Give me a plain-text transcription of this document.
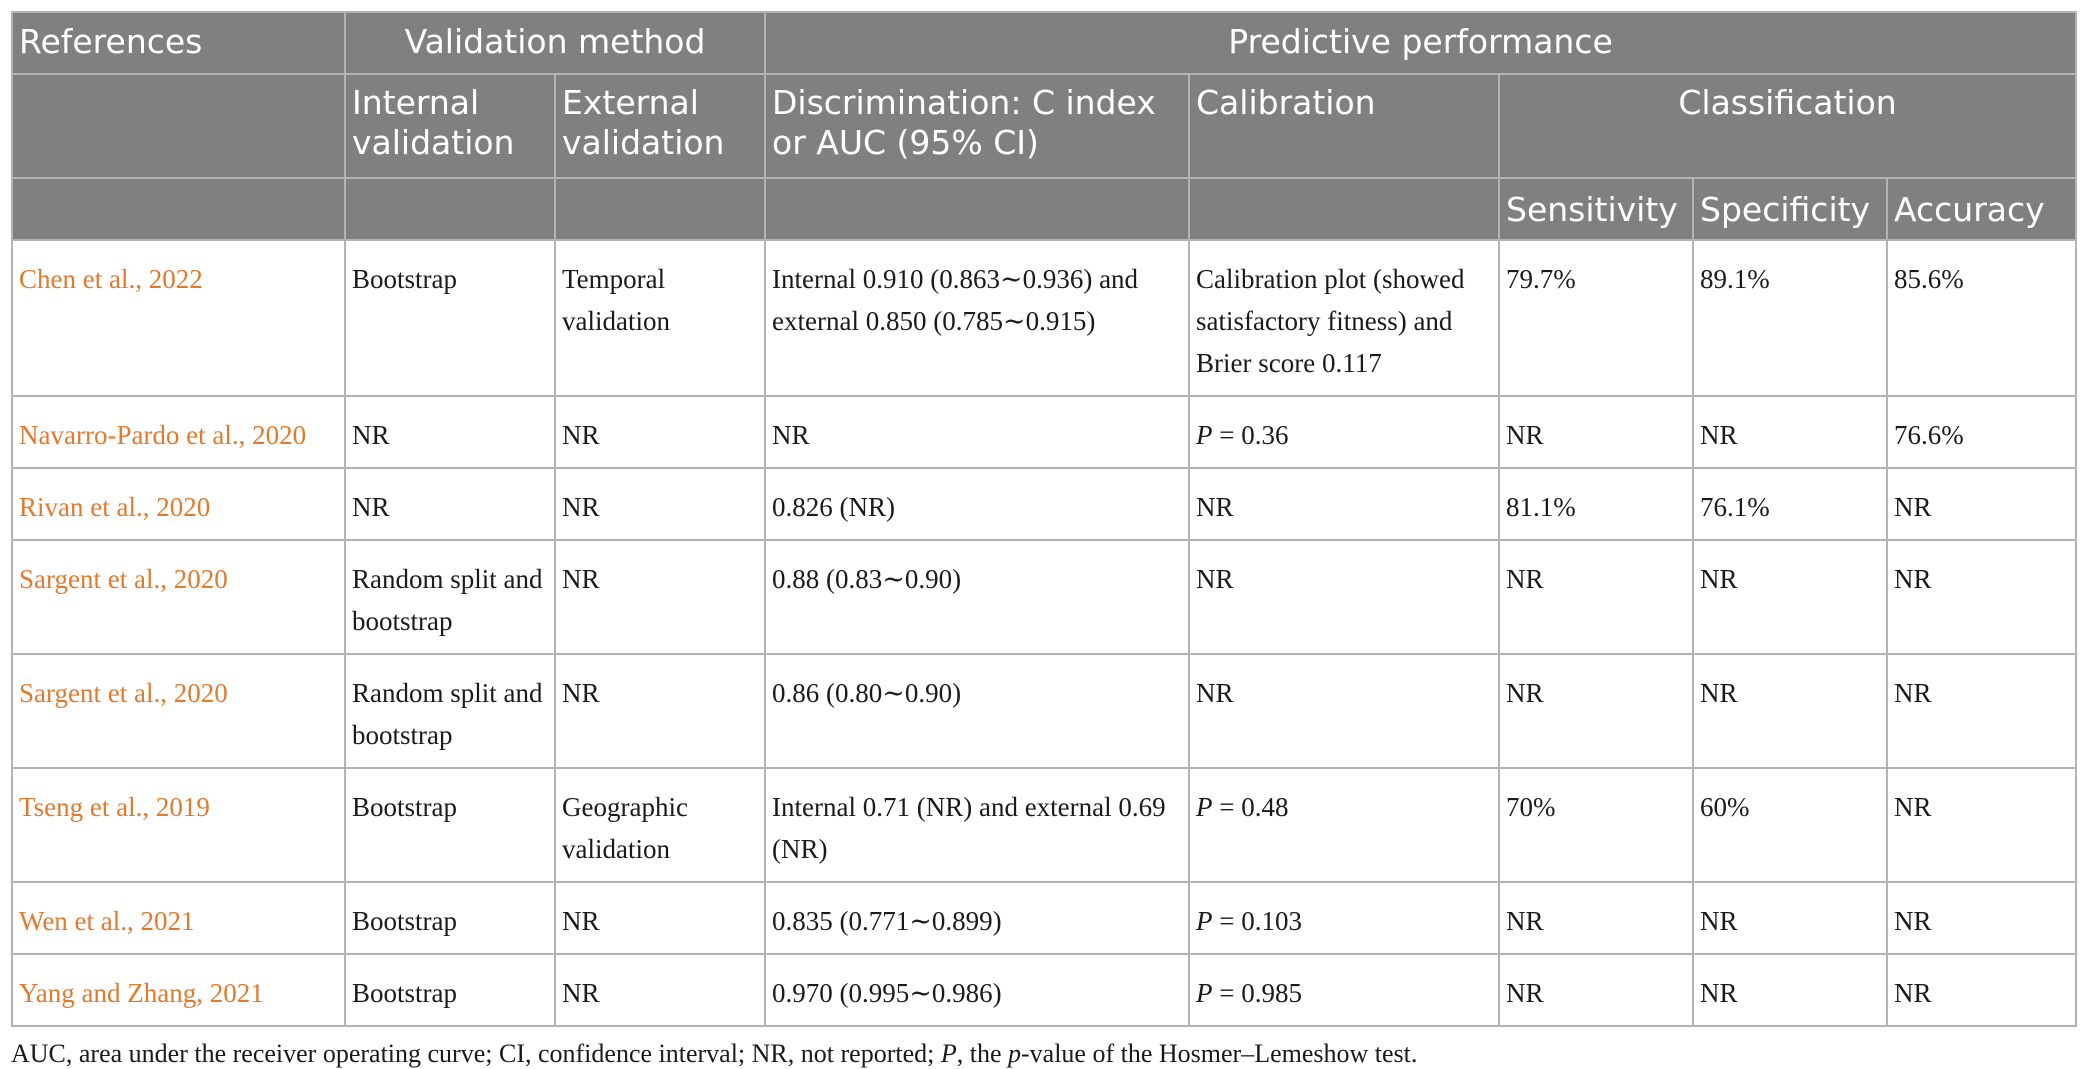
References	Validation method		Predictive performance				
	Internal validation	External validation	Discrimination: C index or AUC (95% CI)	Calibration	Classification		
					Sensitivity	Specificity	Accuracy
Chen et al., 2022	Bootstrap	Temporal validation	Internal 0.910 (0.863∼0.936) and external 0.850 (0.785∼0.915)	Calibration plot (showed satisfactory fitness) and Brier score 0.117	79.7%	89.1%	85.6%
Navarro-Pardo et al., 2020	NR	NR	NR	P = 0.36	NR	NR	76.6%
Rivan et al., 2020	NR	NR	0.826 (NR)	NR	81.1%	76.1%	NR
Sargent et al., 2020	Random split and bootstrap	NR	0.88 (0.83∼0.90)	NR	NR	NR	NR
Sargent et al., 2020	Random split and bootstrap	NR	0.86 (0.80∼0.90)	NR	NR	NR	NR
Tseng et al., 2019	Bootstrap	Geographic validation	Internal 0.71 (NR) and external 0.69 (NR)	P = 0.48	70%	60%	NR
Wen et al., 2021	Bootstrap	NR	0.835 (0.771∼0.899)	P = 0.103	NR	NR	NR
Yang and Zhang, 2021	Bootstrap	NR	0.970 (0.995∼0.986)	P = 0.985	NR	NR	NR
AUC, area under the receiver operating curve; CI, confidence interval; NR, not reported; P, the p-value of the Hosmer–Lemeshow test.
